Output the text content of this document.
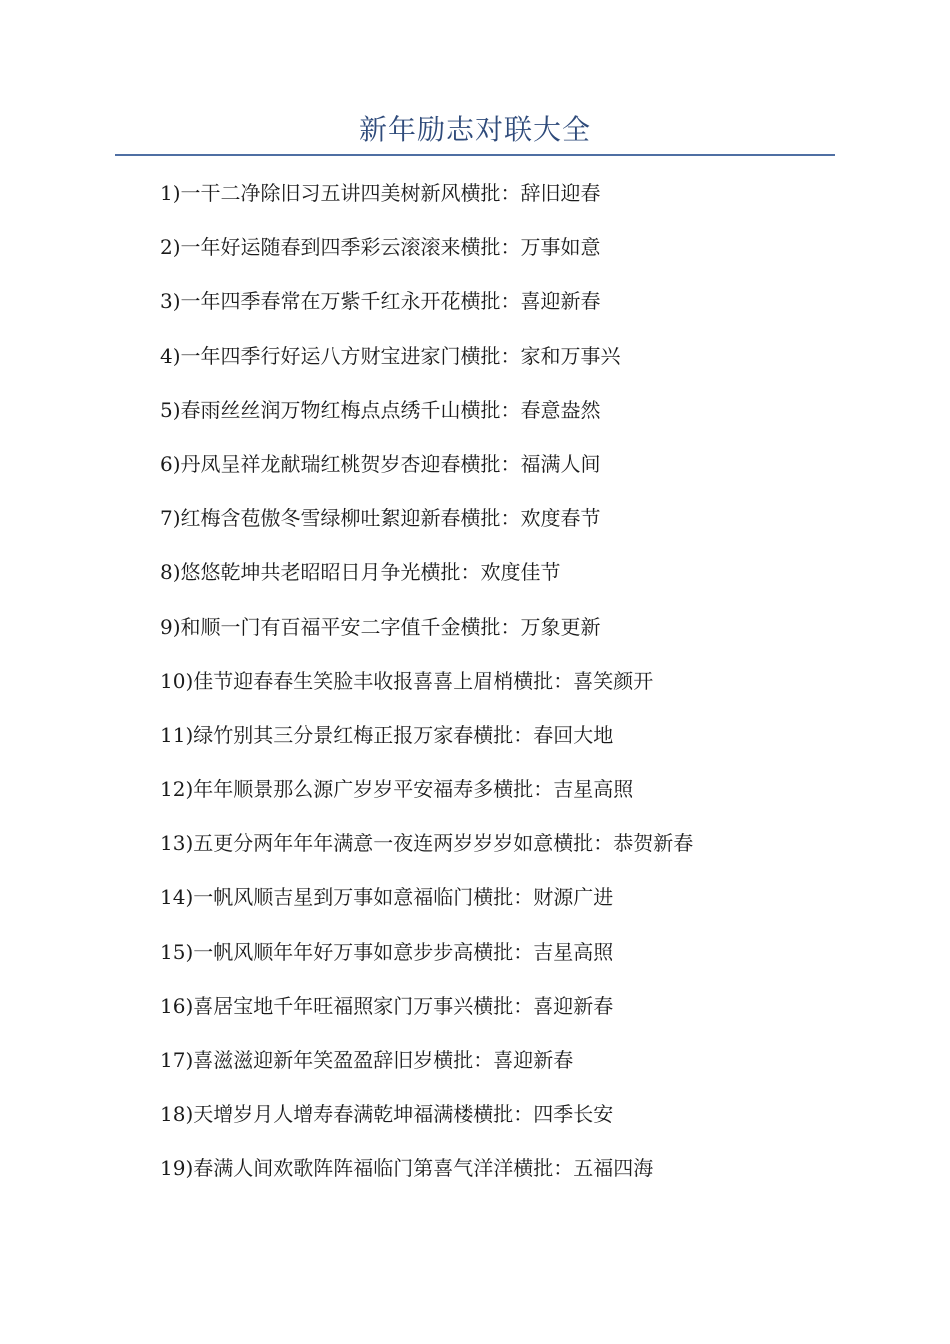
新年励志对联大全
1)一干二净除旧习五讲四美树新风横批：辞旧迎春
2)一年好运随春到四季彩云滚滚来横批：万事如意
3)一年四季春常在万紫千红永开花横批：喜迎新春
4)一年四季行好运八方财宝进家门横批：家和万事兴
5)春雨丝丝润万物红梅点点绣千山横批：春意盎然
6)丹凤呈祥龙献瑞红桃贺岁杏迎春横批：福满人间
7)红梅含苞傲冬雪绿柳吐絮迎新春横批：欢度春节
8)悠悠乾坤共老昭昭日月争光横批：欢度佳节
9)和顺一门有百福平安二字值千金横批：万象更新
10)佳节迎春春生笑脸丰收报喜喜上眉梢横批：喜笑颜开
11)绿竹别其三分景红梅正报万家春横批：春回大地
12)年年顺景那么源广岁岁平安福寿多横批：吉星高照
13)五更分两年年年满意一夜连两岁岁岁如意横批：恭贺新春
14)一帆风顺吉星到万事如意福临门横批：财源广进
15)一帆风顺年年好万事如意步步高横批：吉星高照
16)喜居宝地千年旺福照家门万事兴横批：喜迎新春
17)喜滋滋迎新年笑盈盈辞旧岁横批：喜迎新春
18)天增岁月人增寿春满乾坤福满楼横批：四季长安
19)春满人间欢歌阵阵福临门第喜气洋洋横批：五福四海
